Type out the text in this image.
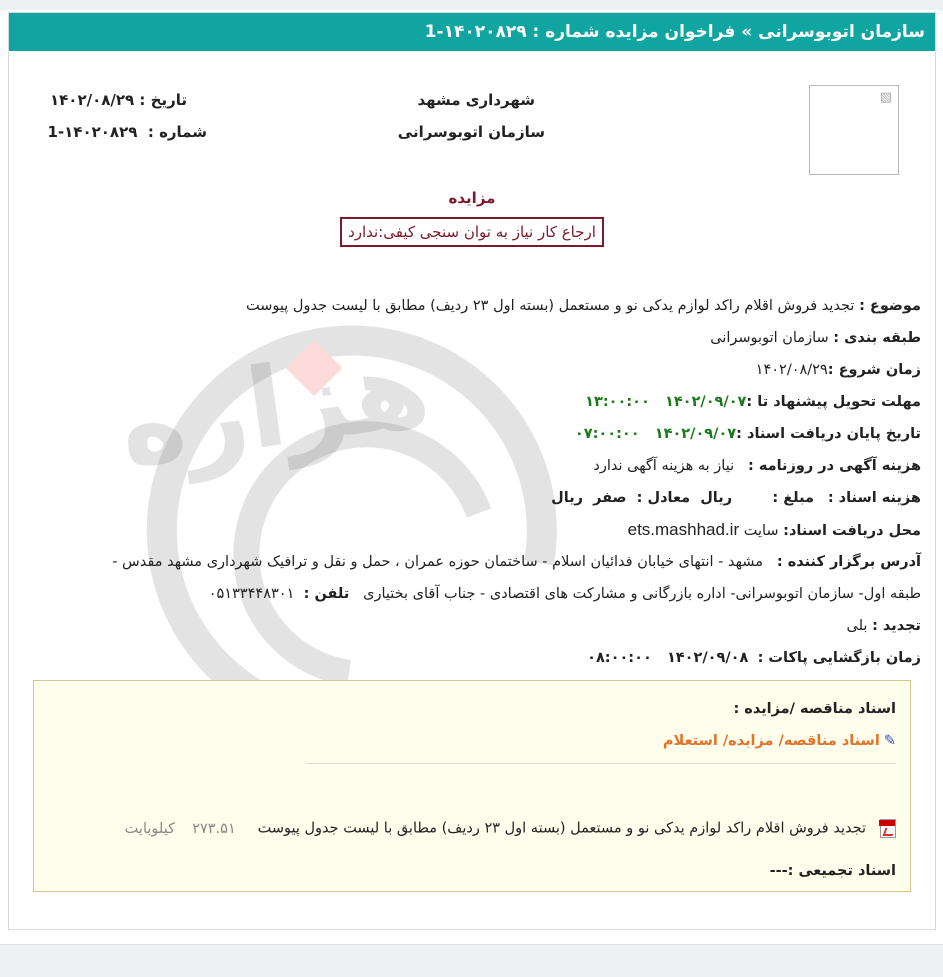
سازمان اتوبوسرانی » فراخوان مزایده شماره : ۱۴۰۲۰۸۲۹-1
هزاره
▧
شهرداری مشهد
سازمان اتوبوسرانی
تاریخ : ۱۴۰۲/۰۸/۲۹
شماره :  ۱۴۰۲۰۸۲۹-1
مزایده
ارجاع کار نیاز به توان سنجی کیفی:ندارد
موضوع : تجدید فروش اقلام راکد لوازم یدکی نو و مستعمل (بسته اول ۲۳ ردیف) مطابق با لیست جدول پیوست
طبقه بندی : سازمان اتوبوسرانی
زمان شروع :۱۴۰۲/۰۸/۲۹
مهلت تحویل پیشنهاد تا :۱۴۰۲/۰۹/۰۷   ۱۳:۰۰:۰۰
تاریخ پایان دریافت اسناد :۱۴۰۲/۰۹/۰۷   ۰۷:۰۰:۰۰
هزینه آگهی در روزنامه :   نیاز به هزینه آگهی ندارد
هزینه اسناد :   مبلغ :        ریال  معادل :  صفر  ریال
محل دریافت اسناد: سایت ets.mashhad.ir
آدرس برگزار کننده :   مشهد - انتهای خیابان فدائیان اسلام - ساختمان حوزه عمران ، حمل و نقل و ترافیک شهرداری مشهد مقدس -
طبقه اول- سازمان اتوبوسرانی- اداره بازرگانی و مشارکت های اقتصادی - جناب آقای بختیاری   تلفن :  ۰۵۱۳۳۴۴۸۳۰۱
تجدید : بلی
زمان بازگشایی پاکات :  ۱۴۰۲/۰۹/۰۸   ۰۸:۰۰:۰۰
اسناد مناقصه /مزایده :
✎اسناد مناقصه/ مزایده/ استعلام
تجدید فروش اقلام راکد لوازم یدکی نو و مستعمل (بسته اول ۲۳ ردیف) مطابق با لیست جدول پیوست   ۲۷۳.۵۱  کیلوبایت
اسناد تجمیعی :---
